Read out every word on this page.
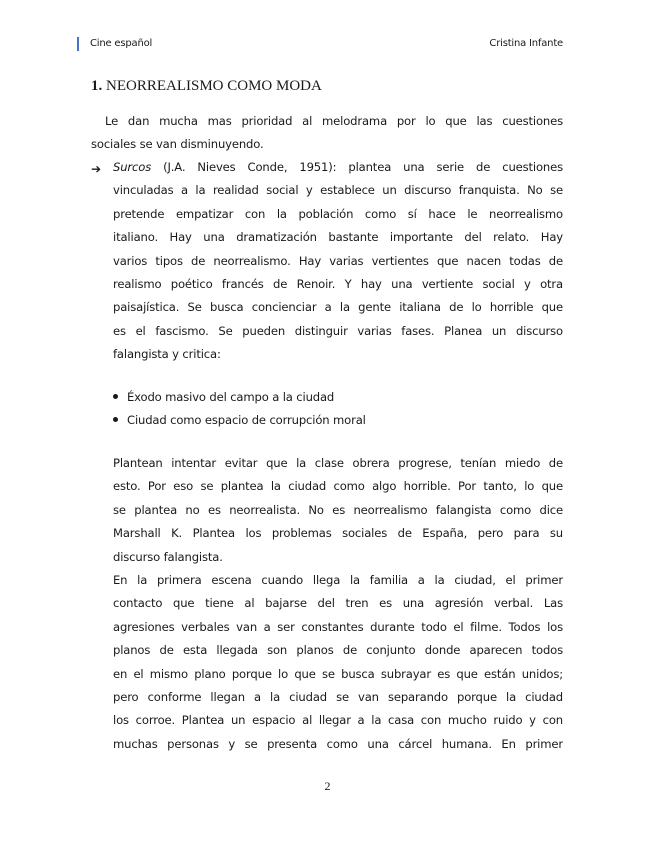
Cine español	Cristina Infante
1. NEORREALISMO COMO MODA
Le dan mucha mas prioridad al melodrama por lo que las cuestiones
sociales se van disminuyendo.
➔ Surcos (J.A. Nieves Conde, 1951): plantea una serie de cuestiones
vinculadas a la realidad social y establece un discurso franquista. No se
pretende empatizar con la población como sí hace le neorrealismo
italiano. Hay una dramatización bastante importante del relato. Hay
varios tipos de neorrealismo. Hay varias vertientes que nacen todas de
realismo poético francés de Renoir. Y hay una vertiente social y otra
paisajística. Se busca concienciar a la gente italiana de lo horrible que
es el fascismo. Se pueden distinguir varias fases. Planea un discurso
falangista y critica:
Éxodo masivo del campo a la ciudad
Ciudad como espacio de corrupción moral
Plantean intentar evitar que la clase obrera progrese, tenían miedo de
esto. Por eso se plantea la ciudad como algo horrible. Por tanto, lo que
se plantea no es neorrealista. No es neorrealismo falangista como dice
Marshall K. Plantea los problemas sociales de España, pero para su
discurso falangista.
En la primera escena cuando llega la familia a la ciudad, el primer
contacto que tiene al bajarse del tren es una agresión verbal. Las
agresiones verbales van a ser constantes durante todo el filme. Todos los
planos de esta llegada son planos de conjunto donde aparecen todos
en el mismo plano porque lo que se busca subrayar es que están unidos;
pero conforme llegan a la ciudad se van separando porque la ciudad
los corroe. Plantea un espacio al llegar a la casa con mucho ruido y con
muchas personas y se presenta como una cárcel humana. En primer
2
